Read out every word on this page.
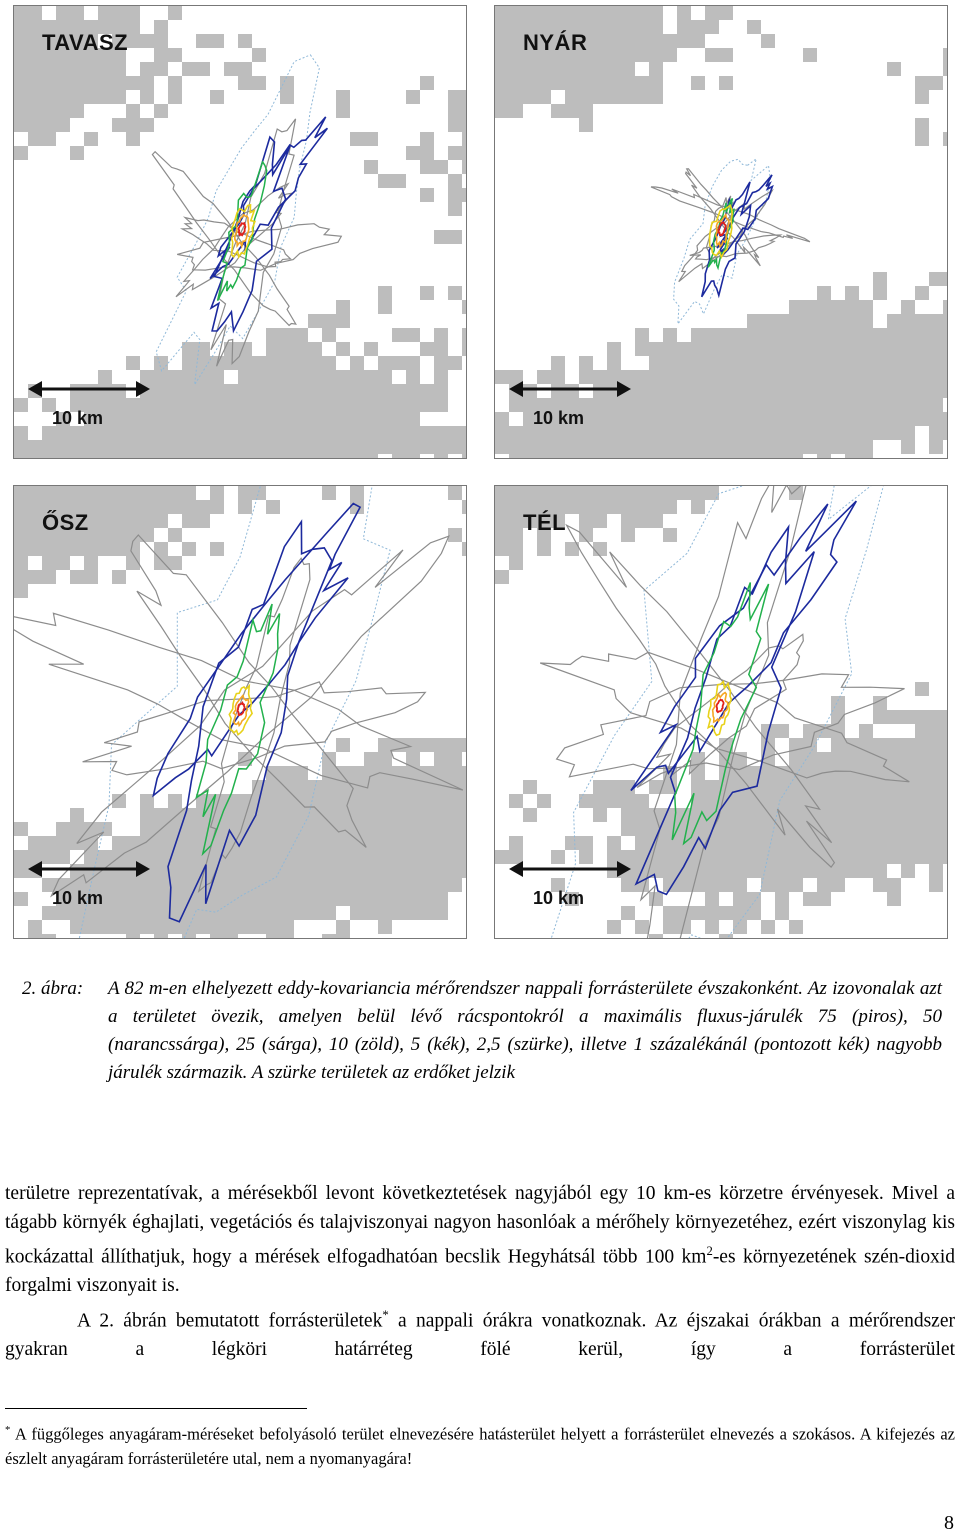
TAVASZ
10 km
NYÁR
10 km
ŐSZ
10 km
TÉL
10 km
2. ábra:	A 82 m-en elhelyezett eddy-kovariancia mérőrendszer nappali forrásterülete évszakonként. Az izovonalak azt a területet övezik, amelyen belül lévő rácspontokról a maximális fluxus-járulék 75 (piros), 50 (narancssárga), 25 (sárga), 10 (zöld), 5 (kék), 2,5 (szürke), illetve 1 százalékánál (pontozott kék) nagyobb járulék származik. A szürke területek az erdőket jelzik

területre reprezentatívak, a mérésekből levont következtetések nagyjából egy 10 km-es körzetre érvényesek. Mivel a tágabb környék éghajlati, vegetációs és talajviszonyai nagyon hasonlóak a mérőhely környezetéhez, ezért viszonylag kis kockázattal állíthatjuk, hogy a mérések elfogadhatóan becslik Hegyhátsál több 100 $km^2-es$ környezetének szén-dioxid forgalmi viszonyait is.

A 2. ábrán bemutatott forrásterületek* a nappali órákra vonatkoznak. Az éjszakai órákban a mérőrendszer gyakran a légköri határréteg fölé kerül, így a forrásterület

* A függőleges anyagáram-méréseket befolyásoló terület elnevezésére hatásterület helyett a forrásterület elnevezés a szokásos. A kifejezés az észlelt anyagáram forrásterületére utal, nem a nyomanyagára!
8
